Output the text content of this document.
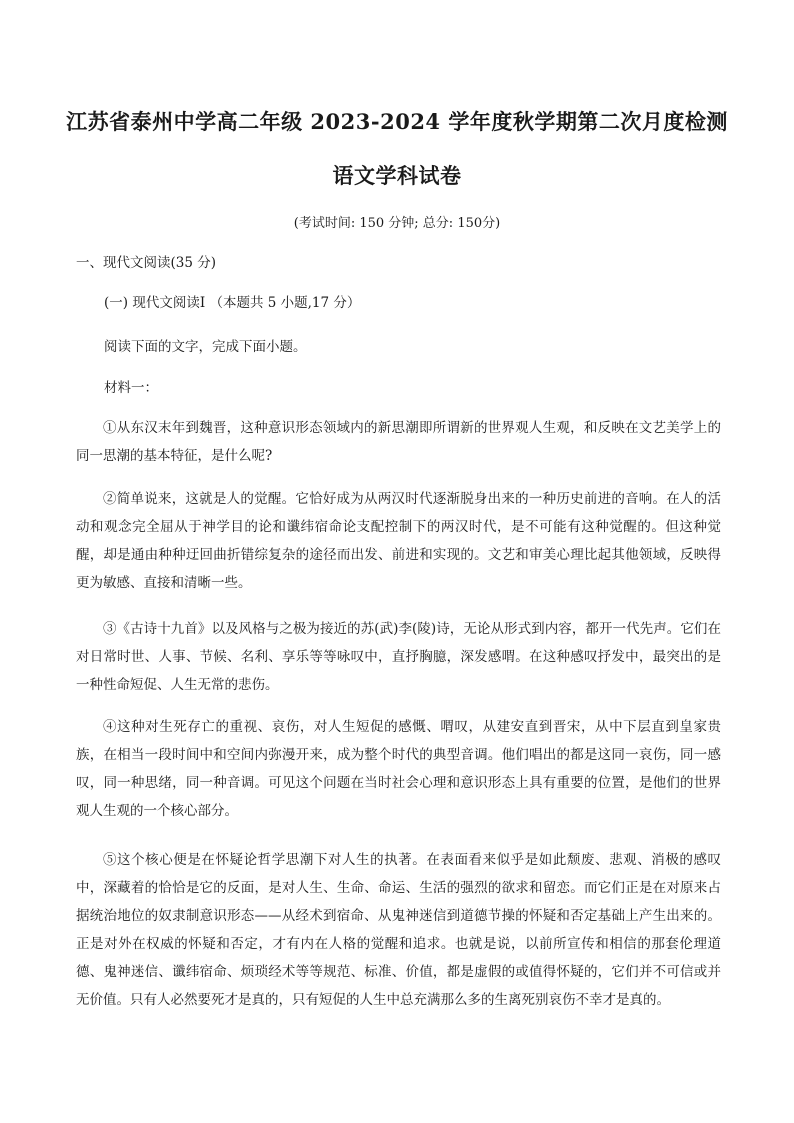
江苏省泰州中学高二年级 2023-2024 学年度秋学期第二次月度检测
语文学科试卷
(考试时间: 150 分钟; 总分: 150分)
一、现代文阅读(35 分)
(一) 现代文阅读Ⅰ （本题共 5 小题,17 分）
阅读下面的文字，完成下面小题。
材料一：
①从东汉末年到魏晋，这种意识形态领域内的新思潮即所谓新的世界观人生观，和反映在文艺美学上的同一思潮的基本特征，是什么呢?
②简单说来，这就是人的觉醒。它恰好成为从两汉时代逐渐脱身出来的一种历史前进的音响。在人的活动和观念完全屈从于神学目的论和谶纬宿命论支配控制下的两汉时代，是不可能有这种觉醒的。但这种觉醒，却是通由种种迂回曲折错综复杂的途径而出发、前进和实现的。文艺和审美心理比起其他领域，反映得更为敏感、直接和清晰一些。
③《古诗十九首》以及风格与之极为接近的苏(武)李(陵)诗，无论从形式到内容，都开一代先声。它们在对日常时世、人事、节候、名利、享乐等等咏叹中，直抒胸臆，深发感喟。在这种感叹抒发中，最突出的是一种性命短促、人生无常的悲伤。
④这种对生死存亡的重视、哀伤，对人生短促的感慨、喟叹，从建安直到晋宋，从中下层直到皇家贵族，在相当一段时间中和空间内弥漫开来，成为整个时代的典型音调。他们唱出的都是这同一哀伤，同一感叹，同一种思绪，同一种音调。可见这个问题在当时社会心理和意识形态上具有重要的位置，是他们的世界观人生观的一个核心部分。
⑤这个核心便是在怀疑论哲学思潮下对人生的执著。在表面看来似乎是如此颓废、悲观、消极的感叹中，深藏着的恰恰是它的反面，是对人生、生命、命运、生活的强烈的欲求和留恋。而它们正是在对原来占据统治地位的奴隶制意识形态——从经术到宿命、从鬼神迷信到道德节操的怀疑和否定基础上产生出来的。正是对外在权威的怀疑和否定，才有内在人格的觉醒和追求。也就是说，以前所宣传和相信的那套伦理道德、鬼神迷信、谶纬宿命、烦琐经术等等规范、标准、价值，都是虚假的或值得怀疑的，它们并不可信或并无价值。只有人必然要死才是真的，只有短促的人生中总充满那么多的生离死别哀伤不幸才是真的。
